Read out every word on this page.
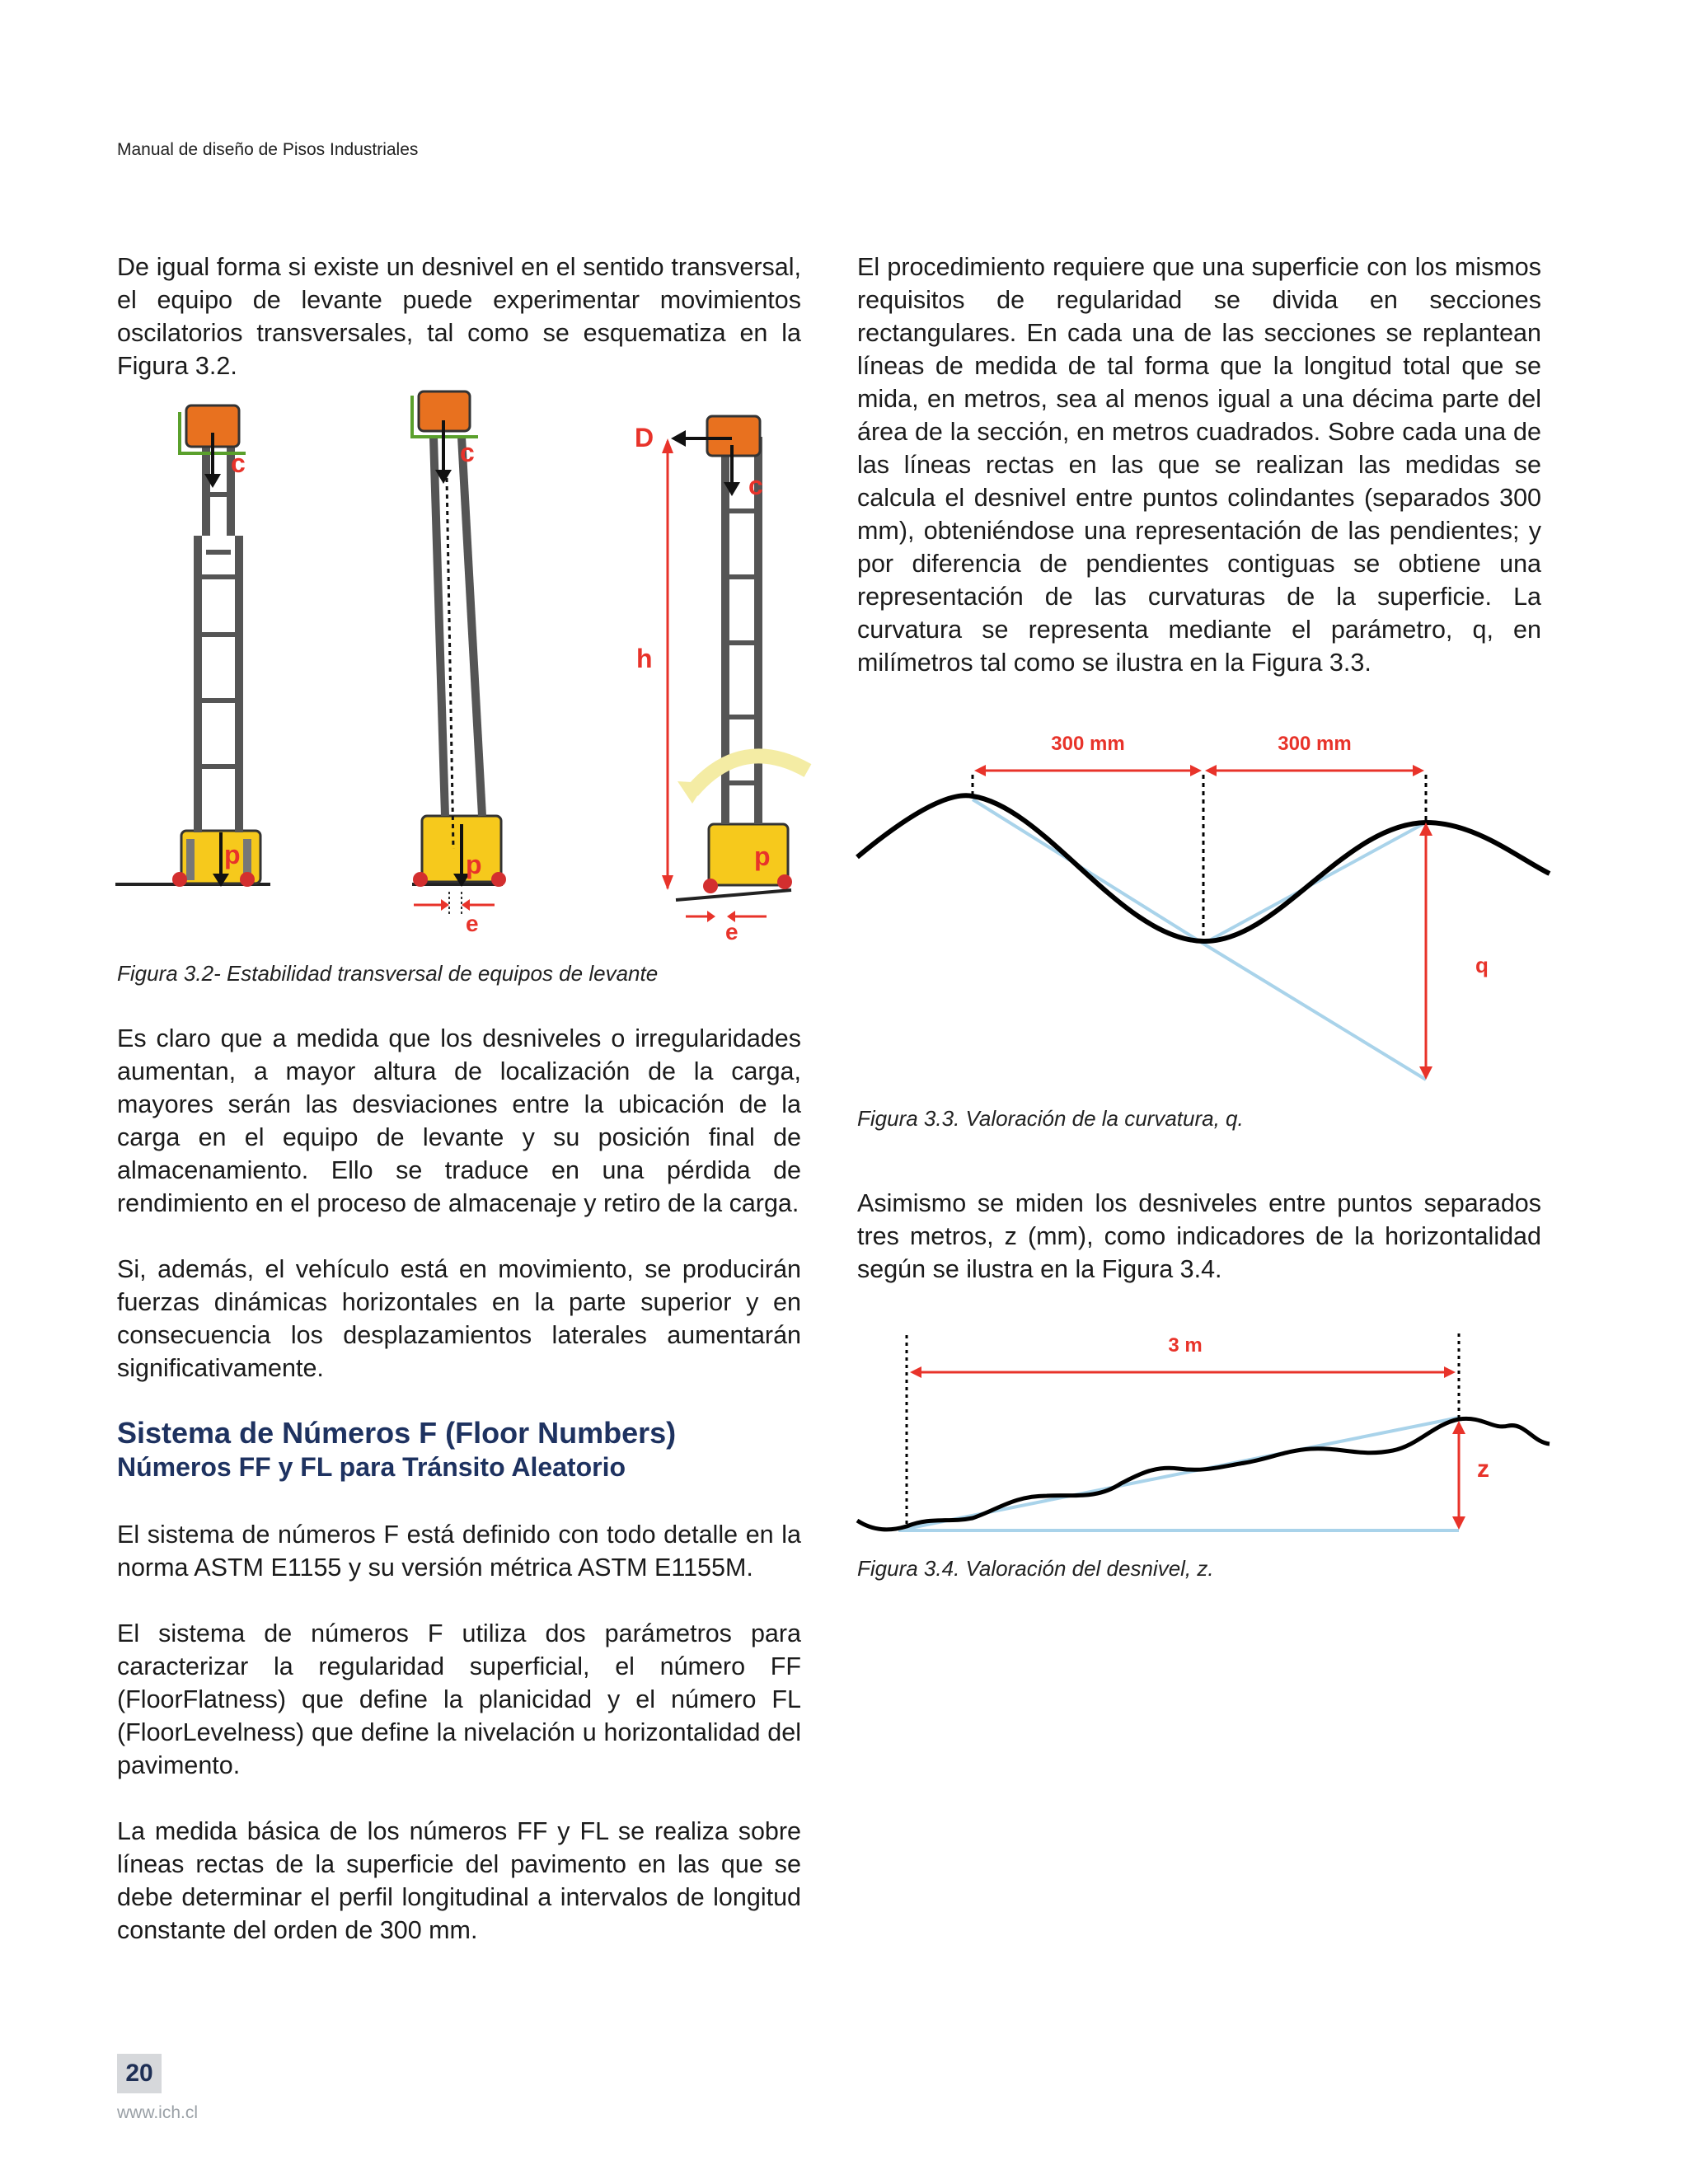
Manual de diseño de Pisos Industriales
De igual forma si existe un desnivel en el sentido transversal, el equipo de levante puede experimentar movimientos oscilatorios transversales, tal como se esquematiza en la Figura 3.2.
c
p
c
p
e
c
p
D
h
e
Figura 3.2- Estabilidad transversal de equipos de levante
Es claro que a medida que los desniveles o irregularidades aumentan, a mayor altura de localización de la carga, mayores serán las desviaciones entre la ubicación de la carga en el equipo de levante y su posición final de almacenamiento. Ello se traduce en una pérdida de rendimiento en el proceso de almacenaje y retiro de la carga.
Si, además, el vehículo está en movimiento, se producirán fuerzas dinámicas horizontales en la parte superior y en consecuencia los desplazamientos laterales aumentarán significativamente.
Sistema de Números F (Floor Numbers)
Números FF y FL para Tránsito Aleatorio
El sistema de números F está definido con todo detalle en la norma ASTM E1155 y su versión métrica ASTM E1155M.
El sistema de números F utiliza dos parámetros para caracterizar la regularidad superficial, el número FF (FloorFlatness) que define la planicidad y el número FL (FloorLevelness) que define la nivelación u horizontalidad del pavimento.
La medida básica de los números FF y FL se realiza sobre líneas rectas de la superficie del pavimento en las que se debe determinar el perfil longitudinal a intervalos de longitud constante del orden de 300 mm.
El procedimiento requiere que una superficie con los mismos requisitos de regularidad se divida en secciones rectangulares. En cada una de las secciones se replantean líneas de medida de tal forma que la longitud total que se mida, en metros, sea al menos igual a una décima parte del área de la sección, en metros cuadrados. Sobre cada una de las líneas rectas en las que se realizan las medidas se calcula el desnivel entre puntos colindantes (separados 300 mm), obteniéndose una representación de las pendientes; y por diferencia de pendientes contiguas se obtiene una representación de las curvaturas de la superficie. La curvatura se representa mediante el parámetro, q, en milímetros tal como se ilustra en la Figura 3.3.
300 mm	300 mm
q
Figura 3.3. Valoración de la curvatura, q.
Asimismo se miden los desniveles entre puntos separados tres metros, z (mm), como indicadores de la horizontalidad según se ilustra en la Figura 3.4.
3 m
z
Figura 3.4. Valoración del desnivel, z.
20
www.ich.cl
